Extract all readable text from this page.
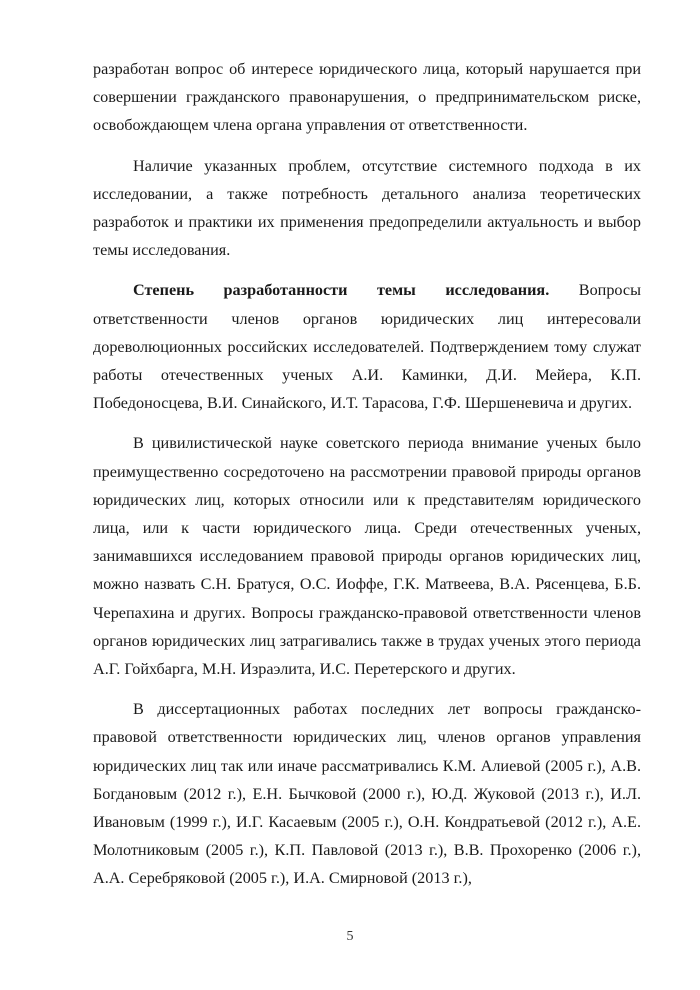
разработан вопрос об интересе юридического лица, который нарушается при совершении гражданского правонарушения, о предпринимательском риске, освобождающем члена органа управления от ответственности.

Наличие указанных проблем, отсутствие системного подхода в их исследовании, а также потребность детального анализа теоретических разработок и практики их применения предопределили актуальность и выбор темы исследования.

Степень разработанности темы исследования. Вопросы ответственности членов органов юридических лиц интересовали дореволюционных российских исследователей. Подтверждением тому служат работы отечественных ученых А.И. Каминки, Д.И. Мейера, К.П. Победоносцева, В.И. Синайского, И.Т. Тарасова, Г.Ф. Шершеневича и других.

В цивилистической науке советского периода внимание ученых было преимущественно сосредоточено на рассмотрении правовой природы органов юридических лиц, которых относили или к представителям юридического лица, или к части юридического лица. Среди отечественных ученых, занимавшихся исследованием правовой природы органов юридических лиц, можно назвать С.Н. Братуся, О.С. Иоффе, Г.К. Матвеева, В.А. Рясенцева, Б.Б. Черепахина и других. Вопросы гражданско-правовой ответственности членов органов юридических лиц затрагивались также в трудах ученых этого периода А.Г. Гойхбарга, М.Н. Израэлита, И.С. Перетерского и других.

В диссертационных работах последних лет вопросы гражданско-правовой ответственности юридических лиц, членов органов управления юридических лиц так или иначе рассматривались К.М. Алиевой (2005 г.), А.В. Богдановым (2012 г.), Е.Н. Бычковой (2000 г.), Ю.Д. Жуковой (2013 г.), И.Л. Ивановым (1999 г.), И.Г. Касаевым (2005 г.), О.Н. Кондратьевой (2012 г.), А.Е. Молотниковым (2005 г.), К.П. Павловой (2013 г.), В.В. Прохоренко (2006 г.), А.А. Серебряковой (2005 г.), И.А. Смирновой (2013 г.),

5
